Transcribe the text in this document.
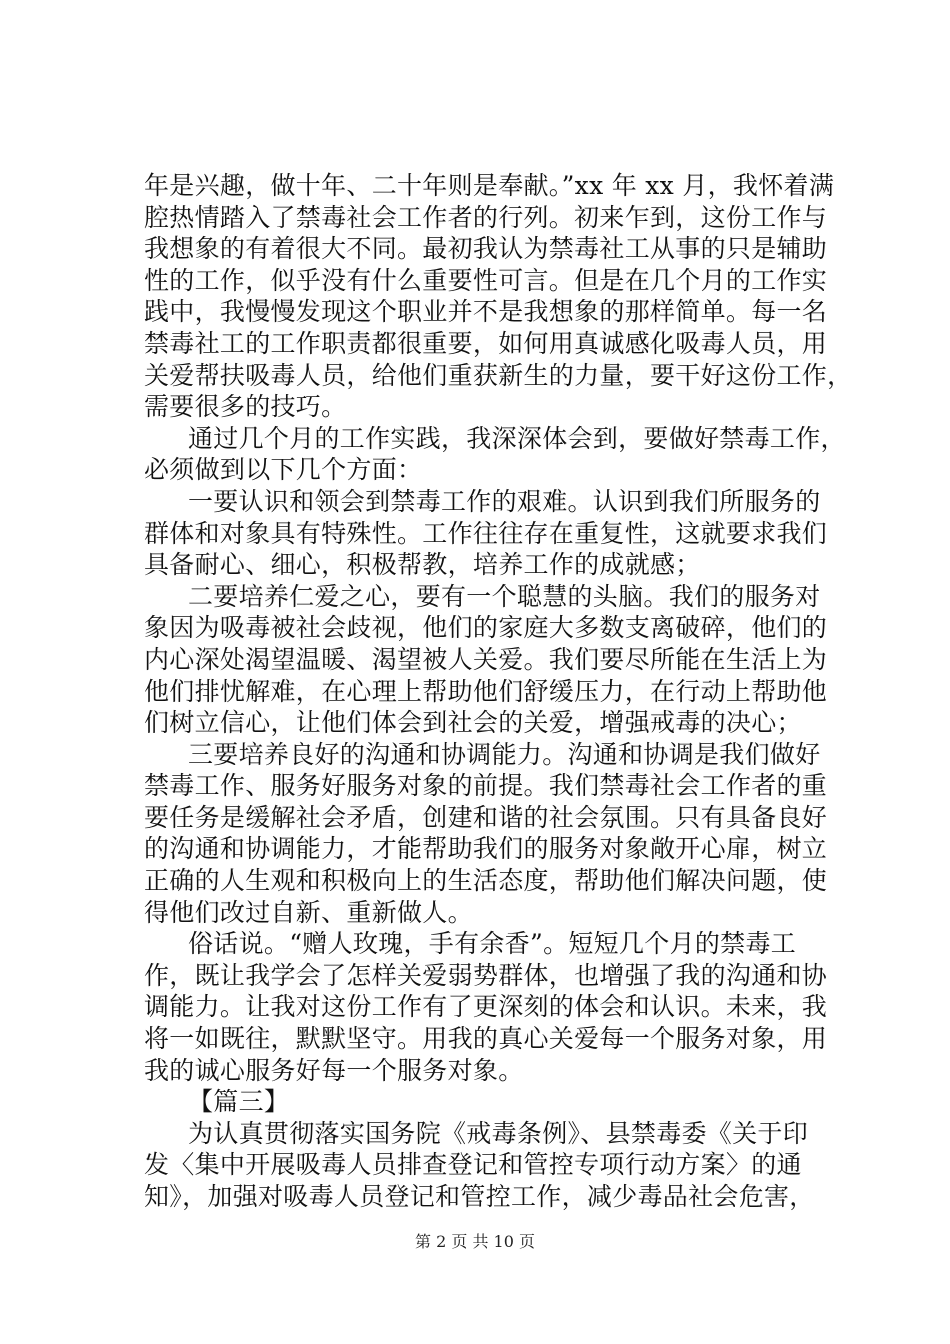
年是兴趣，做十年、二十年则是奉献。”xx 年 xx 月，我怀着满
腔热情踏入了禁毒社会工作者的行列。初来乍到，这份工作与
我想象的有着很大不同。最初我认为禁毒社工从事的只是辅助
性的工作，似乎没有什么重要性可言。但是在几个月的工作实
践中，我慢慢发现这个职业并不是我想象的那样简单。每一名
禁毒社工的工作职责都很重要，如何用真诚感化吸毒人员，用
关爱帮扶吸毒人员，给他们重获新生的力量，要干好这份工作，
需要很多的技巧。
通过几个月的工作实践，我深深体会到，要做好禁毒工作，
必须做到以下几个方面：
一要认识和领会到禁毒工作的艰难。认识到我们所服务的
群体和对象具有特殊性。工作往往存在重复性，这就要求我们
具备耐心、细心，积极帮教，培养工作的成就感；
二要培养仁爱之心，要有一个聪慧的头脑。我们的服务对
象因为吸毒被社会歧视，他们的家庭大多数支离破碎，他们的
内心深处渴望温暖、渴望被人关爱。我们要尽所能在生活上为
他们排忧解难，在心理上帮助他们舒缓压力，在行动上帮助他
们树立信心，让他们体会到社会的关爱，增强戒毒的决心；
三要培养良好的沟通和协调能力。沟通和协调是我们做好
禁毒工作、服务好服务对象的前提。我们禁毒社会工作者的重
要任务是缓解社会矛盾，创建和谐的社会氛围。只有具备良好
的沟通和协调能力，才能帮助我们的服务对象敞开心扉，树立
正确的人生观和积极向上的生活态度，帮助他们解决问题，使
得他们改过自新、重新做人。
俗话说。“赠人玫瑰，手有余香”。短短几个月的禁毒工
作，既让我学会了怎样关爱弱势群体，也增强了我的沟通和协
调能力。让我对这份工作有了更深刻的体会和认识。未来，我
将一如既往，默默坚守。用我的真心关爱每一个服务对象，用
我的诚心服务好每一个服务对象。
【篇三】
为认真贯彻落实国务院《戒毒条例》、县禁毒委《关于印
发〈集中开展吸毒人员排查登记和管控专项行动方案〉的通
知》，加强对吸毒人员登记和管控工作，减少毒品社会危害，
第 2 页 共 10 页
